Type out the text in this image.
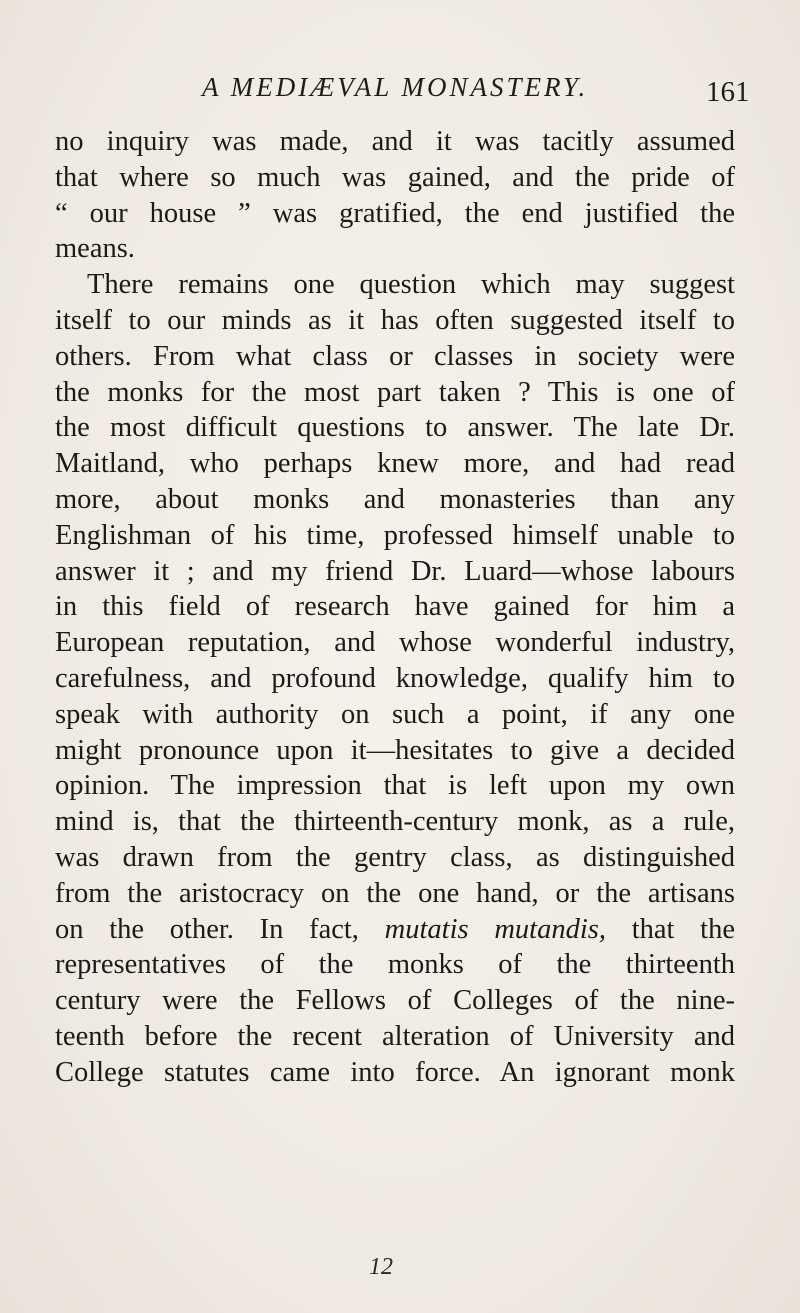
A MEDIÆVAL MONASTERY.	161
no inquiry was made, and it was tacitly assumed
that where so much was gained, and the pride of
“ our house ” was gratified, the end justified the
means.
There remains one question which may suggest
itself to our minds as it has often suggested itself to
others. From what class or classes in society were
the monks for the most part taken ? This is one of
the most difficult questions to answer. The late Dr.
Maitland, who perhaps knew more, and had read
more, about monks and monasteries than any
Englishman of his time, professed himself unable to
answer it ; and my friend Dr. Luard—whose labours
in this field of research have gained for him a
European reputation, and whose wonderful industry,
carefulness, and profound knowledge, qualify him to
speak with authority on such a point, if any one
might pronounce upon it—hesitates to give a decided
opinion. The impression that is left upon my own
mind is, that the thirteenth-century monk, as a rule,
was drawn from the gentry class, as distinguished
from the aristocracy on the one hand, or the artisans
on the other. In fact, mutatis mutandis, that the
representatives of the monks of the thirteenth
century were the Fellows of Colleges of the nine-
teenth before the recent alteration of University and
College statutes came into force. An ignorant monk
12
